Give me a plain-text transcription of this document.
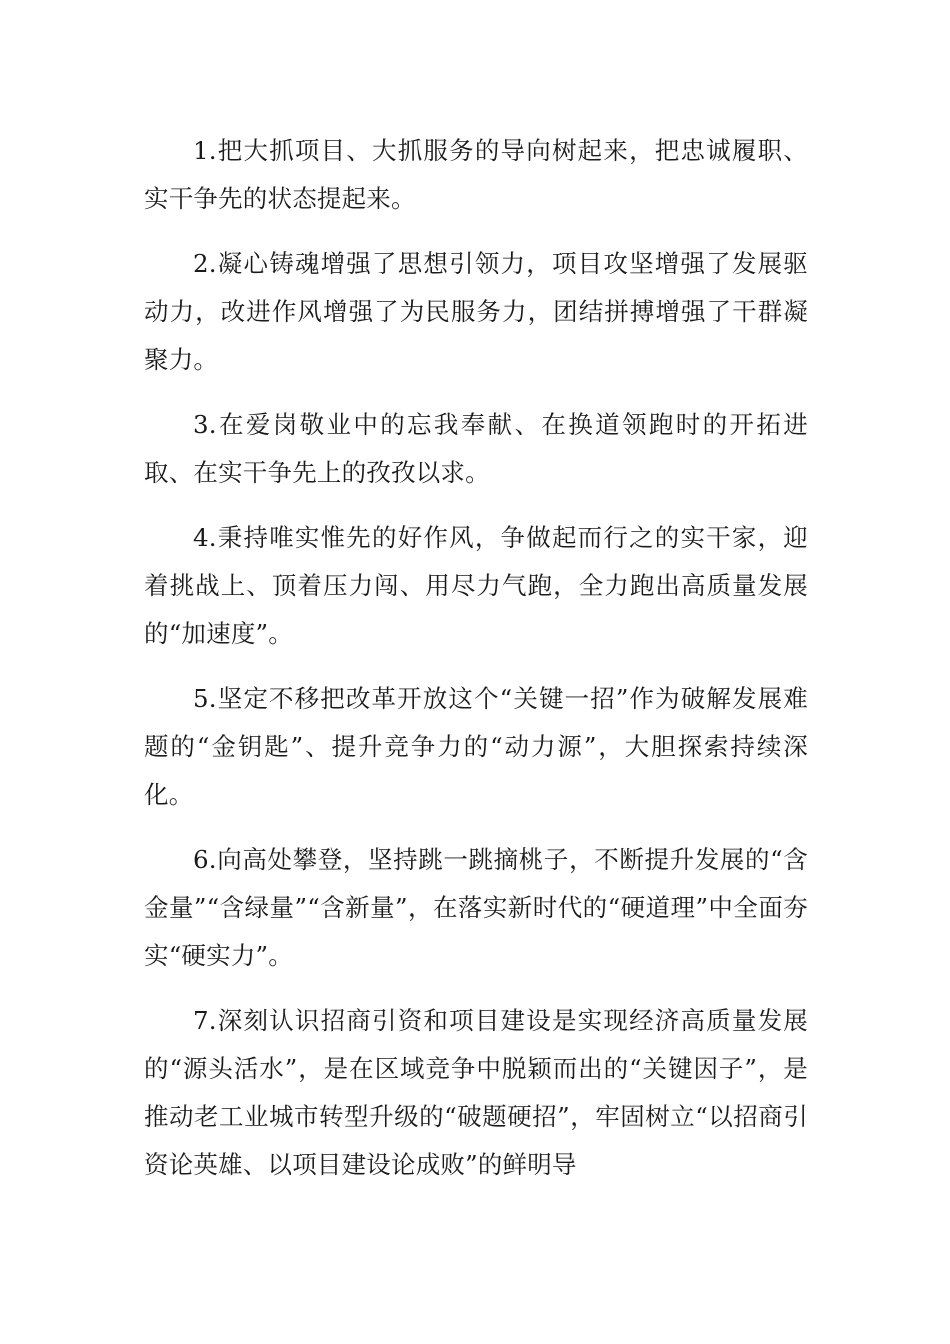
1.把大抓项目、大抓服务的导向树起来，把忠诚履职、实干争先的状态提起来。

2.凝心铸魂增强了思想引领力，项目攻坚增强了发展驱动力，改进作风增强了为民服务力，团结拼搏增强了干群凝聚力。

3.在爱岗敬业中的忘我奉献、在换道领跑时的开拓进取、在实干争先上的孜孜以求。

4.秉持唯实惟先的好作风，争做起而行之的实干家，迎着挑战上、顶着压力闯、用尽力气跑，全力跑出高质量发展的“加速度”。

5.坚定不移把改革开放这个“关键一招”作为破解发展难题的“金钥匙”、提升竞争力的“动力源”，大胆探索持续深化。

6.向高处攀登，坚持跳一跳摘桃子，不断提升发展的“含金量”“含绿量”“含新量”，在落实新时代的“硬道理”中全面夯实“硬实力”。

7.深刻认识招商引资和项目建设是实现经济高质量发展的“源头活水”，是在区域竞争中脱颖而出的“关键因子”，是推动老工业城市转型升级的“破题硬招”，牢固树立“以招商引资论英雄、以项目建设论成败”的鲜明导
